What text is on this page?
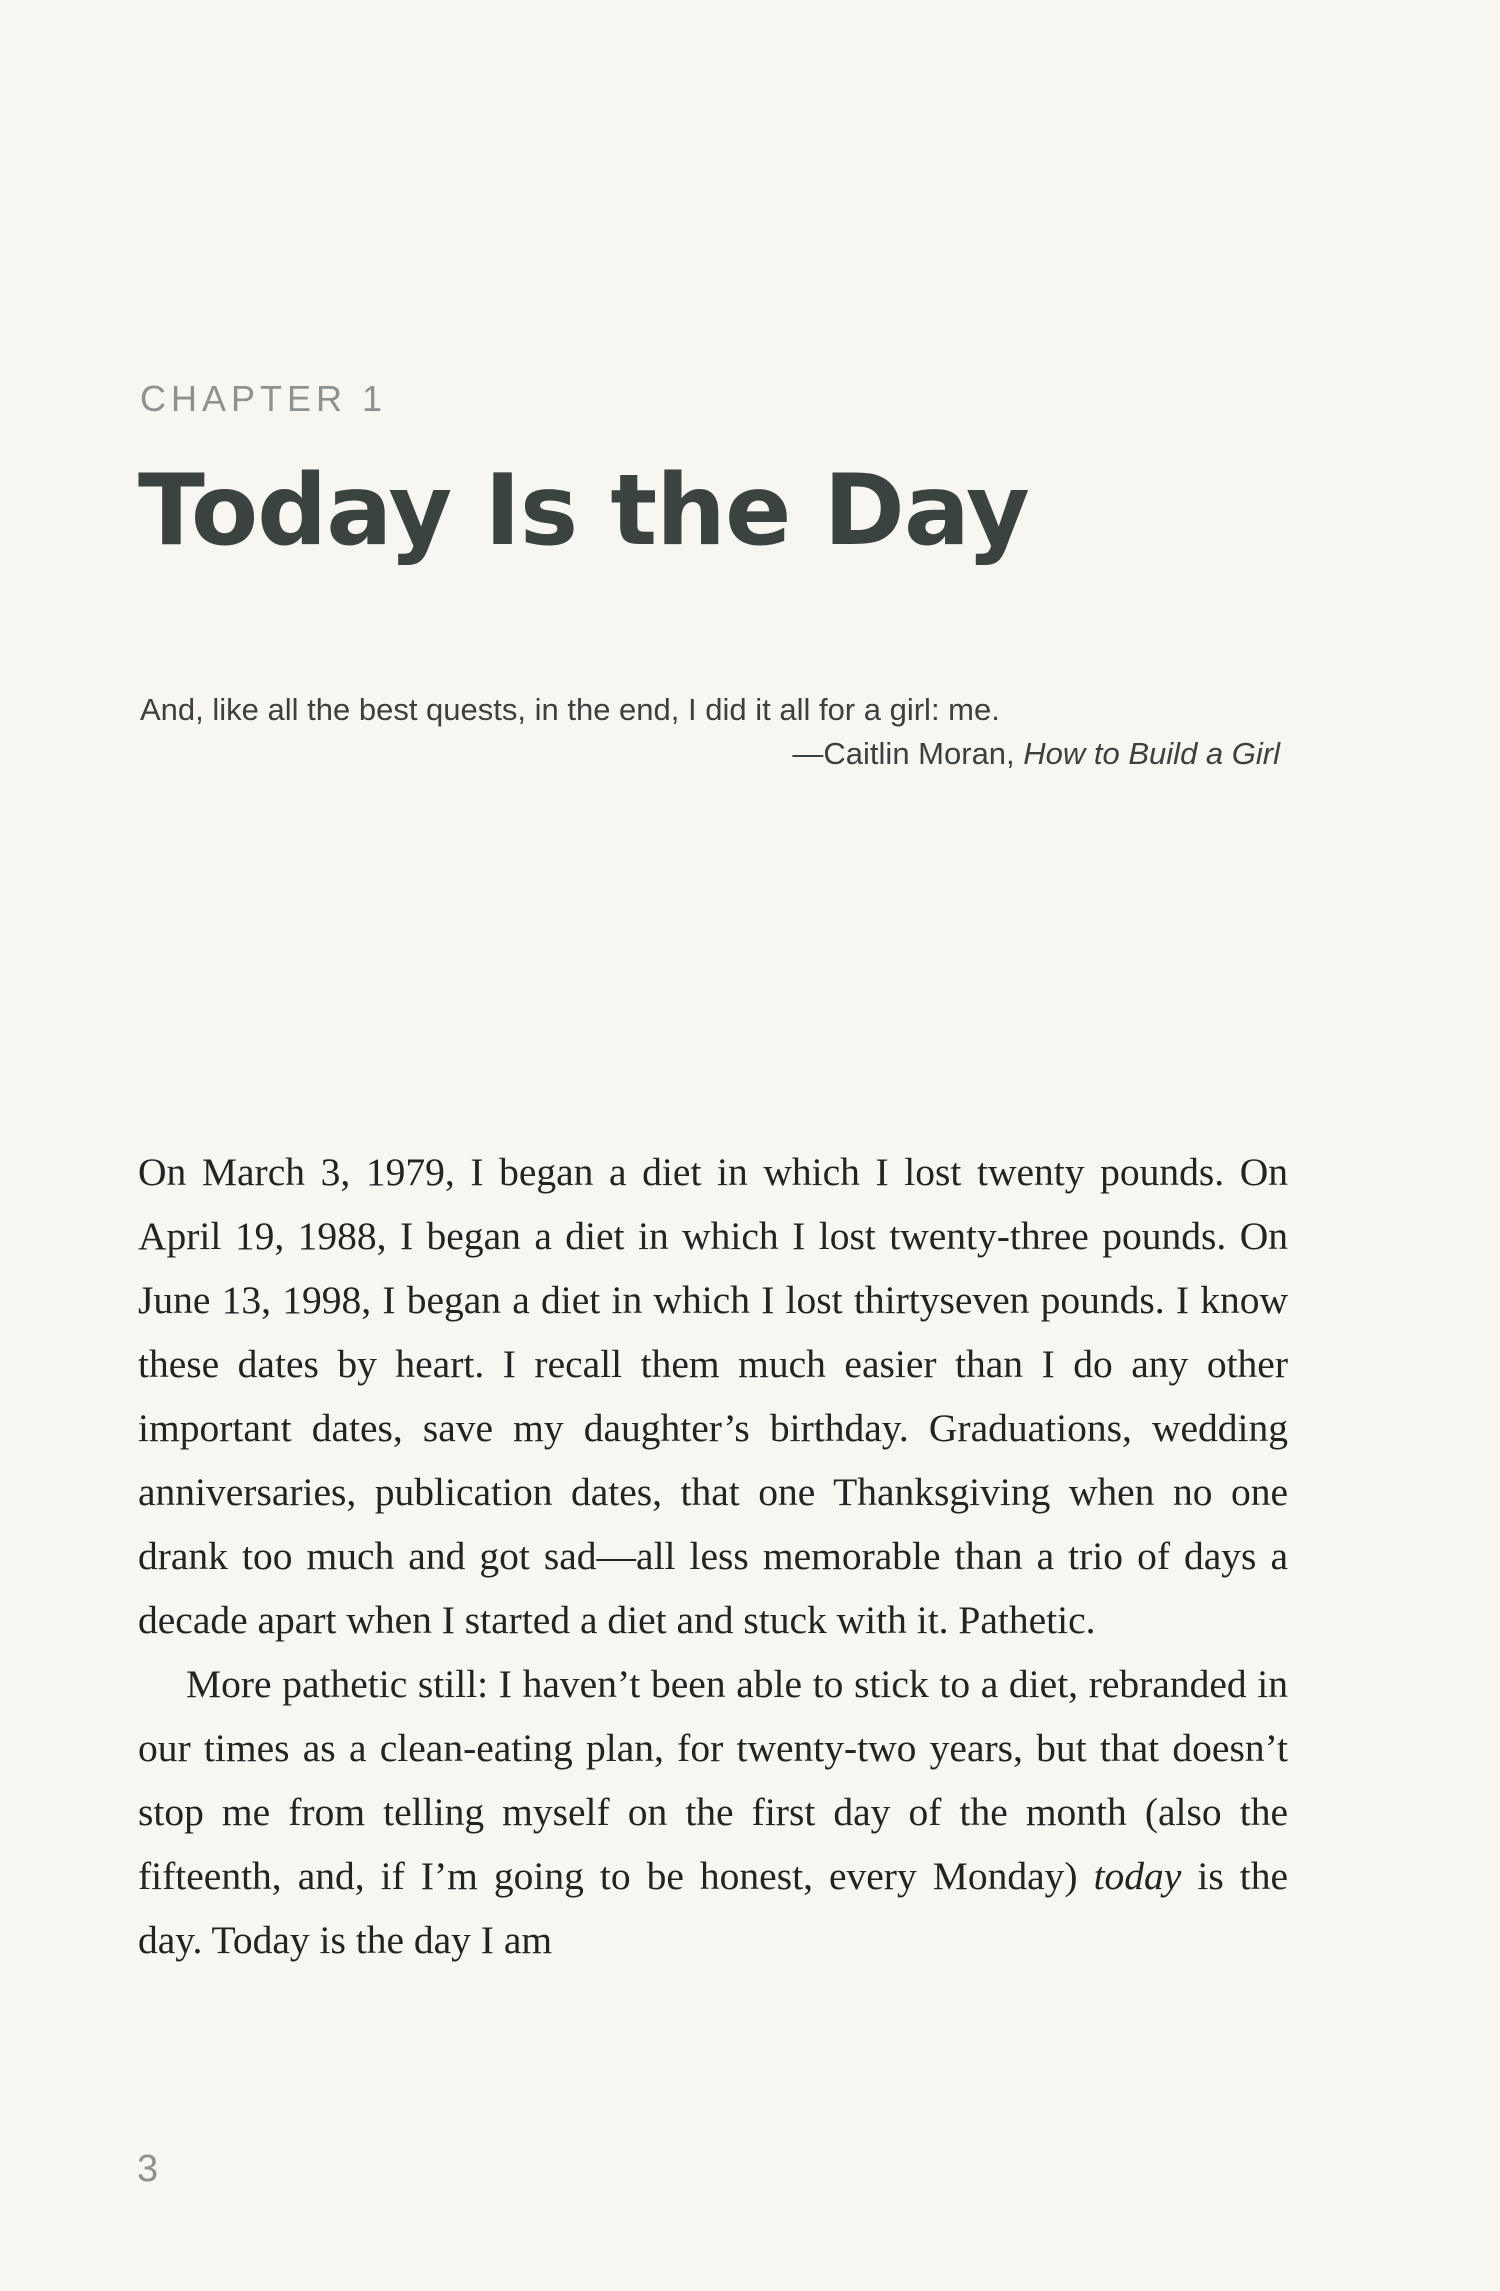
CHAPTER 1
Today Is the Day

And, like all the best quests, in the end, I did it all for a girl: me.

—Caitlin Moran, How to Build a Girl

On March 3, 1979, I began a diet in which I lost twenty pounds. On April 19, 1988, I began a diet in which I lost twenty-three pounds. On June 13, 1998, I began a diet in which I lost thirtyseven pounds. I know these dates by heart. I recall them much easier than I do any other important dates, save my daughter’s birthday. Graduations, wedding anniversaries, publication dates, that one Thanksgiving when no one drank too much and got sad—all less memorable than a trio of days a decade apart when I started a diet and stuck with it. Pathetic.

More pathetic still: I haven’t been able to stick to a diet, rebranded in our times as a clean-eating plan, for twenty-two years, but that doesn’t stop me from telling myself on the first day of the month (also the fifteenth, and, if I’m going to be honest, every Monday) today is the day. Today is the day I am

3
